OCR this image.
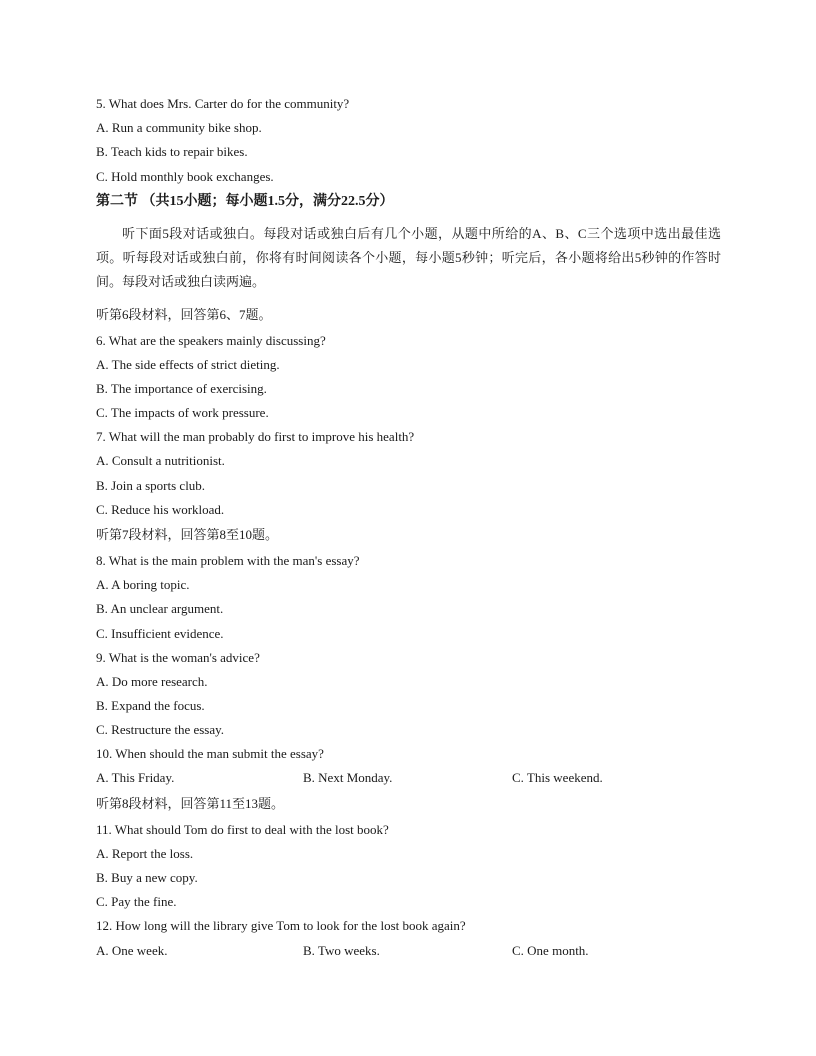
5. What does Mrs. Carter do for the community?
A. Run a community bike shop.
B. Teach kids to repair bikes.
C. Hold monthly book exchanges.
第二节 （共15小题；每小题1.5分，满分22.5分）
听下面5段对话或独白。每段对话或独白后有几个小题，从题中所给的A、B、C三个选项中选出最佳选项。听每段对话或独白前，你将有时间阅读各个小题，每小题5秒钟；听完后，各小题将给出5秒钟的作答时间。每段对话或独白读两遍。
听第6段材料，回答第6、7题。
6. What are the speakers mainly discussing?
A. The side effects of strict dieting.
B. The importance of exercising.
C. The impacts of work pressure.
7. What will the man probably do first to improve his health?
A. Consult a nutritionist.
B. Join a sports club.
C. Reduce his workload.
听第7段材料，回答第8至10题。
8. What is the main problem with the man's essay?
A. A boring topic.
B. An unclear argument.
C. Insufficient evidence.
9. What is the woman's advice?
A. Do more research.
B. Expand the focus.
C. Restructure the essay.
10. When should the man submit the essay?
A. This Friday.	B. Next Monday.	C. This weekend.
听第8段材料，回答第11至13题。
11. What should Tom do first to deal with the lost book?
A. Report the loss.
B. Buy a new copy.
C. Pay the fine.
12. How long will the library give Tom to look for the lost book again?
A. One week.	B. Two weeks.	C. One month.
